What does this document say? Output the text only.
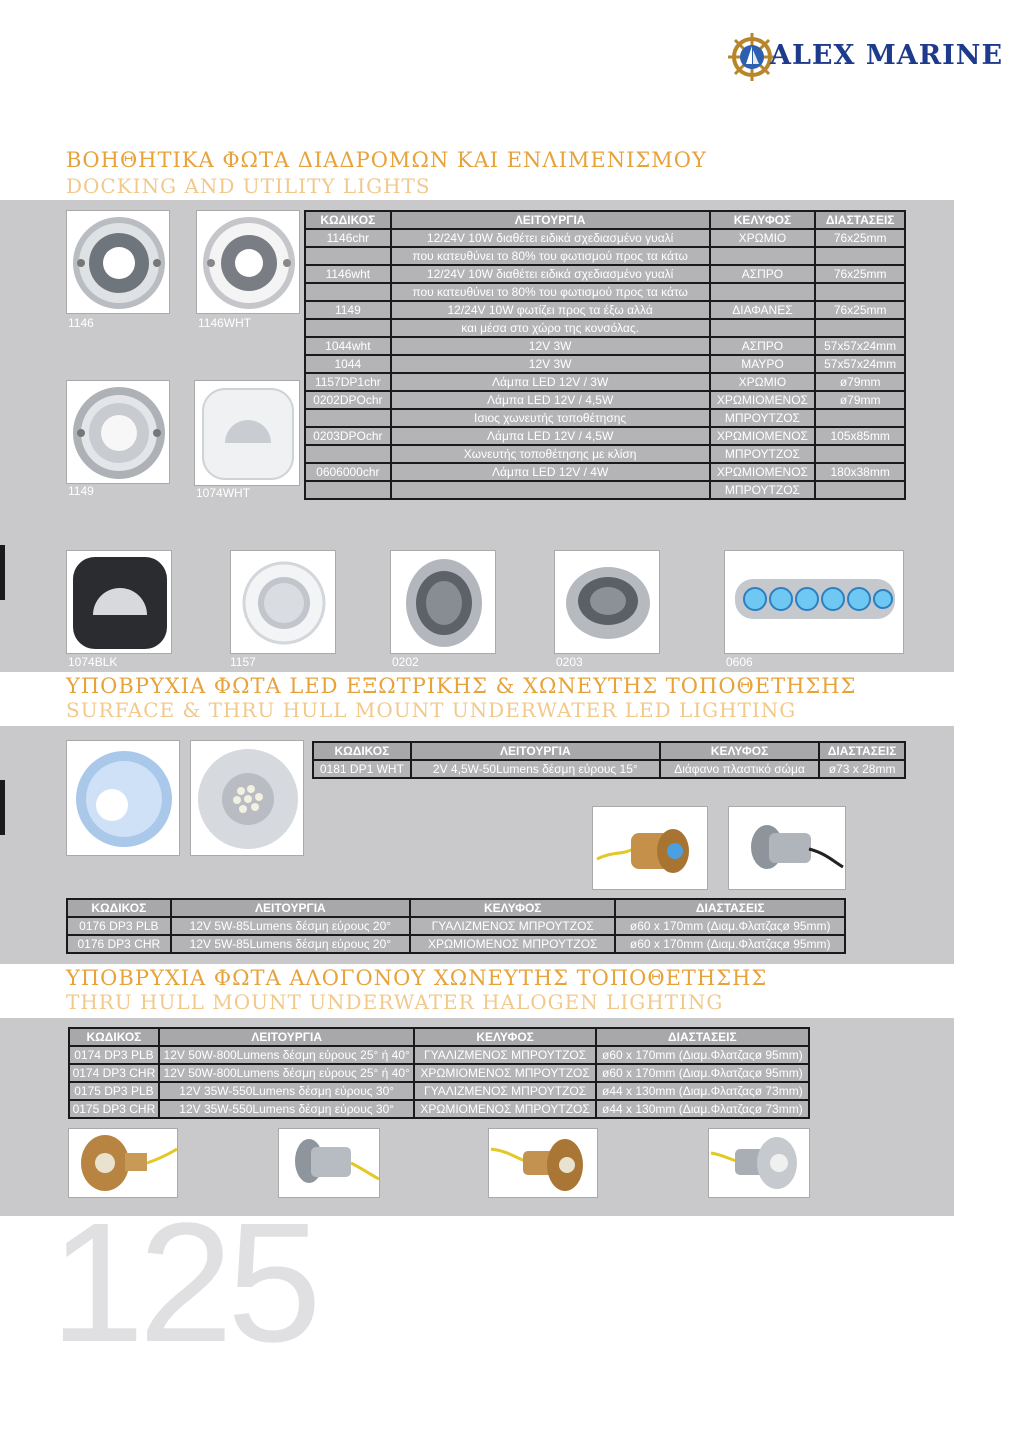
ALEX MARINE
ΒΟΗΘΗΤΙΚΑ ΦΩΤΑ ΔΙΑΔΡΟΜΩΝ ΚΑΙ ΕΝΛΙΜΕΝΙΣΜΟΥ
DOCKING AND UTILITY LIGHTS
1146	1146WHT
1149	1074WHT
ΚΩΔΙΚΟΣ	ΛΕΙΤΟΥΡΓΙΑ	ΚΕΛΥΦΟΣ	ΔΙΑΣΤΑΣΕΙΣ
1146chr	12/24V 10W διαθέτει ειδικά σχεδιασμένο γυαλί	ΧΡΩΜΙΟ	76x25mm
	που κατευθύνει το 80% του φωτισμού προς τα κάτω		
1146wht	12/24V 10W διαθέτει ειδικά σχεδιασμένο γυαλί	ΑΣΠΡΟ	76x25mm
	που κατευθύνει το 80% του φωτισμού προς τα κάτω		
1149	12/24V 10W φωτίζει προς τα έξω αλλά	ΔΙΑΦΑΝΕΣ	76x25mm
	και μέσα στο χώρο της κονσόλας.		
1044wht	12V 3W	ΑΣΠΡΟ	57x57x24mm
1044	12V 3W	ΜΑΥΡΟ	57x57x24mm
1157DP1chr	Λάμπα LED 12V / 3W	ΧΡΩΜΙΟ	ø79mm
0202DPOchr	Λάμπα LED 12V / 4,5W	ΧΡΩΜΙΟΜΕΝΟΣ	ø79mm
	Ισιος χωνευτής τοποθέτησης	ΜΠΡΟΥΤΖΟΣ	
0203DPOchr	Λάμπα LED 12V / 4,5W	ΧΡΩΜΙΟΜΕΝΟΣ	105x85mm
	Χωνευτής τοποθέτησης με κλίση	ΜΠΡΟΥΤΖΟΣ	
0606000chr	Λάμπα LED 12V / 4W	ΧΡΩΜΙΟΜΕΝΟΣ	180x38mm
		ΜΠΡΟΥΤΖΟΣ	
1074BLK	1157	0202	0203	0606
ΥΠΟΒΡΥΧΙΑ ΦΩΤΑ LED ΕΞΩΤΡΙΚΗΣ & ΧΩΝΕΥΤΗΣ ΤΟΠΟΘΕΤΗΣΗΣ
SURFACE & THRU HULL MOUNT UNDERWATER LED LIGHTING
ΚΩΔΙΚΟΣ	ΛΕΙΤΟΥΡΓΙΑ	ΚΕΛΥΦΟΣ	ΔΙΑΣΤΑΣΕΙΣ
0181 DP1 WHT	2V 4,5W-50Lumens δέσμη εύρους 15°	Διάφανο πλαστικό σώμα	ø73 x 28mm
ΚΩΔΙΚΟΣ	ΛΕΙΤΟΥΡΓΙΑ	ΚΕΛΥΦΟΣ	ΔΙΑΣΤΑΣΕΙΣ
0176 DP3 PLB	12V 5W-85Lumens δέσμη εύρους 20°	ΓΥΑΛΙΖΜΕΝΟΣ ΜΠΡΟΥΤΖΟΣ	ø60 x 170mm (Διαμ.Φλατζαςø 95mm)
0176 DP3 CHR	12V 5W-85Lumens δέσμη εύρους 20°	ΧΡΩΜΙΟΜΕΝΟΣ ΜΠΡΟΥΤΖΟΣ	ø60 x 170mm (Διαμ.Φλατζαςø 95mm)
ΥΠΟΒΡΥΧΙΑ ΦΩΤΑ ΑΛΟΓΟΝΟΥ ΧΩΝΕΥΤΗΣ ΤΟΠΟΘΕΤΗΣΗΣ
THRU HULL MOUNT UNDERWATER HALOGEN LIGHTING
ΚΩΔΙΚΟΣ	ΛΕΙΤΟΥΡΓΙΑ	ΚΕΛΥΦΟΣ	ΔΙΑΣΤΑΣΕΙΣ
0174 DP3 PLB	12V 50W-800Lumens δέσμη εύρους 25° ή 40°	ΓΥΑΛΙΖΜΕΝΟΣ ΜΠΡΟΥΤΖΟΣ	ø60 x 170mm (Διαμ.Φλατζαςø 95mm)
0174 DP3 CHR	12V 50W-800Lumens δέσμη εύρους 25° ή 40°	ΧΡΩΜΙΟΜΕΝΟΣ ΜΠΡΟΥΤΖΟΣ	ø60 x 170mm (Διαμ.Φλατζαςø 95mm)
0175 DP3 PLB	12V 35W-550Lumens δέσμη εύρους 30°	ΓΥΑΛΙΖΜΕΝΟΣ ΜΠΡΟΥΤΖΟΣ	ø44 x 130mm (Διαμ.Φλατζαςø 73mm)
0175 DP3 CHR	12V 35W-550Lumens δέσμη εύρους 30°	ΧΡΩΜΙΟΜΕΝΟΣ ΜΠΡΟΥΤΖΟΣ	ø44 x 130mm (Διαμ.Φλατζαςø 73mm)
125
